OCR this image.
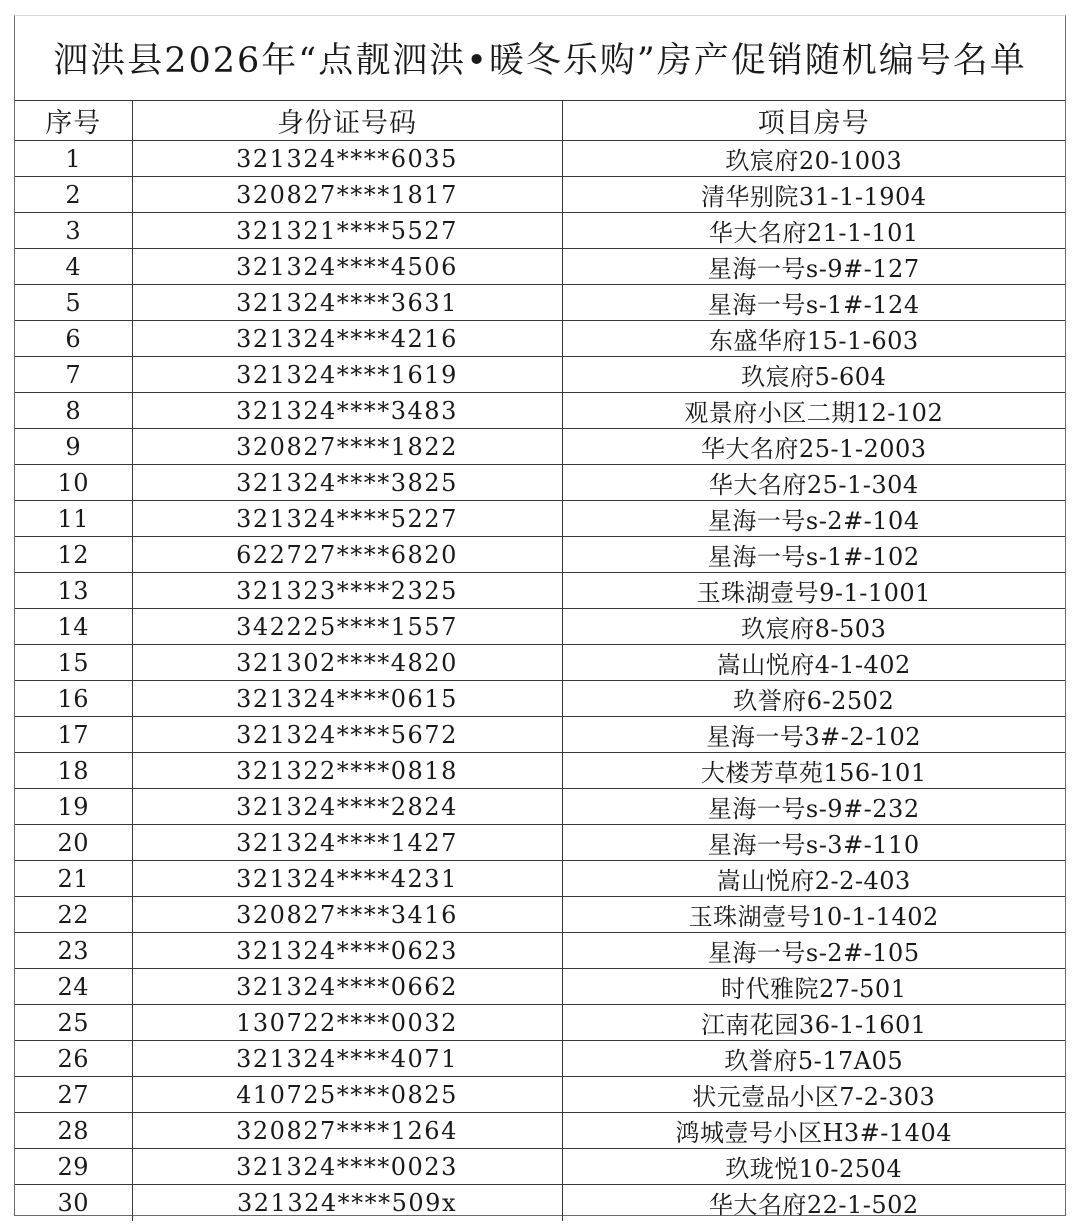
泗洪县2026年“点靓泗洪•暖冬乐购”房产促销随机编号名单
序号	身份证号码	项目房号
1	321324****6035	玖宸府20-1003
2	320827****1817	清华别院31-1-1904
3	321321****5527	华大名府21-1-101
4	321324****4506	星海一号s-9#-127
5	321324****3631	星海一号s-1#-124
6	321324****4216	东盛华府15-1-603
7	321324****1619	玖宸府5-604
8	321324****3483	观景府小区二期12-102
9	320827****1822	华大名府25-1-2003
10	321324****3825	华大名府25-1-304
11	321324****5227	星海一号s-2#-104
12	622727****6820	星海一号s-1#-102
13	321323****2325	玉珠湖壹号9-1-1001
14	342225****1557	玖宸府8-503
15	321302****4820	嵩山悦府4-1-402
16	321324****0615	玖誉府6-2502
17	321324****5672	星海一号3#-2-102
18	321322****0818	大楼芳草苑156-101
19	321324****2824	星海一号s-9#-232
20	321324****1427	星海一号s-3#-110
21	321324****4231	嵩山悦府2-2-403
22	320827****3416	玉珠湖壹号10-1-1402
23	321324****0623	星海一号s-2#-105
24	321324****0662	时代雅院27-501
25	130722****0032	江南花园36-1-1601
26	321324****4071	玖誉府5-17A05
27	410725****0825	状元壹品小区7-2-303
28	320827****1264	鸿城壹号小区H3#-1404
29	321324****0023	玖珑悦10-2504
30	321324****509x	华大名府22-1-502
